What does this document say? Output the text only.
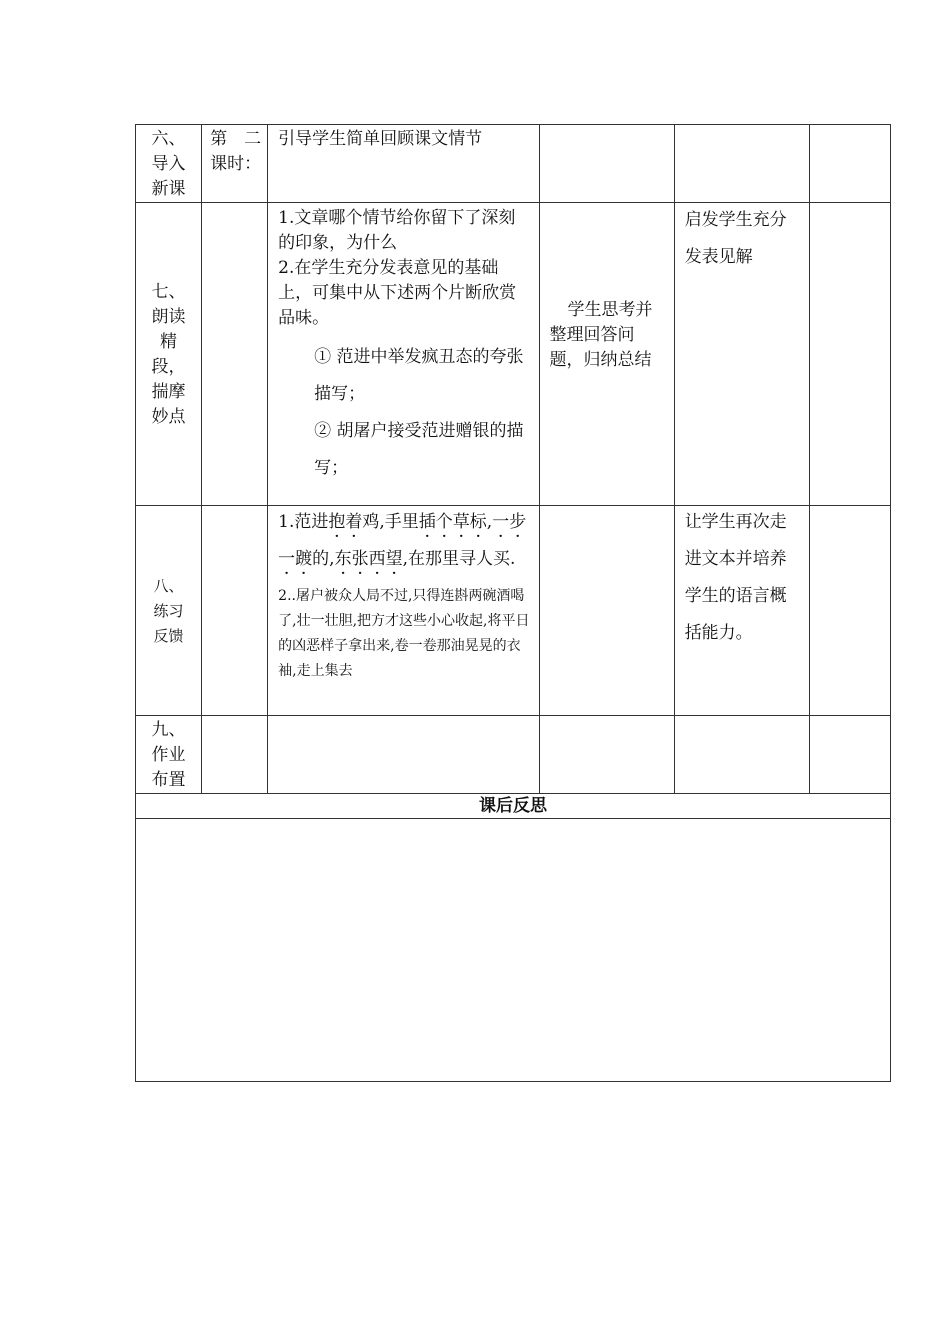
六、导入新课	第　二课时：	引导学生简单回顾课文情节			

七、朗读精段，揣摩妙点		1.文章哪个情节给你留下了深刻的印象，为什么
2.在学生充分发表意见的基础上，可集中从下述两个片断欣赏品味。
① 范进中举发疯丑态的夸张描写；
② 胡屠户接受范进赠银的描写；	学生思考并整理回答问题，归纳总结	启发学生充分发表见解	

八、练习反馈		1.范进抱着鸡,手里插个草标,一步一踱的,东张西望,在那里寻人买.
2..屠户被众人局不过,只得连斟两碗酒喝了,壮一壮胆,把方才这些小心收起,将平日的凶恶样子拿出来,卷一卷那油晃晃的衣袖,走上集去		让学生再次走进文本并培养学生的语言概括能力。	

九、作业布置					

课后反思					
